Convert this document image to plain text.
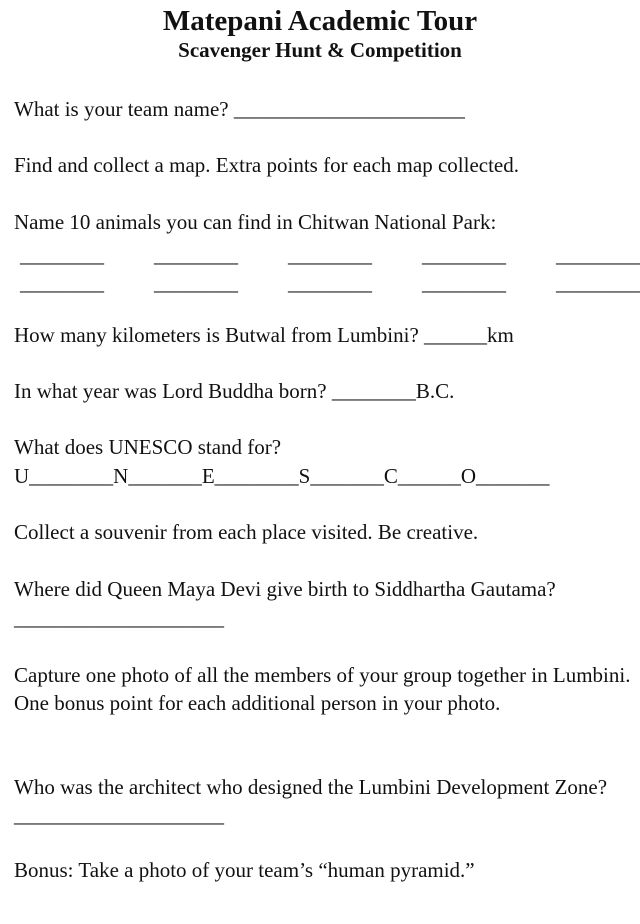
Matepani Academic Tour
Scavenger Hunt & Competition
What is your team name? ______________________
Find and collect a map. Extra points for each map collected.
Name 10 animals you can find in Chitwan National Park:
________ ________ ________ ________ ________
________ ________ ________ ________ ________
How many kilometers is Butwal from Lumbini? ______km
In what year was Lord Buddha born? ________B.C.
What does UNESCO stand for?
U________N_______E________S_______C______O_______
Collect a souvenir from each place visited. Be creative.
Where did Queen Maya Devi give birth to Siddhartha Gautama?
____________________
Capture one photo of all the members of your group together in Lumbini. One bonus point for each additional person in your photo.
Who was the architect who designed the Lumbini Development Zone? ____________________
Bonus: Take a photo of your team’s “human pyramid.”
